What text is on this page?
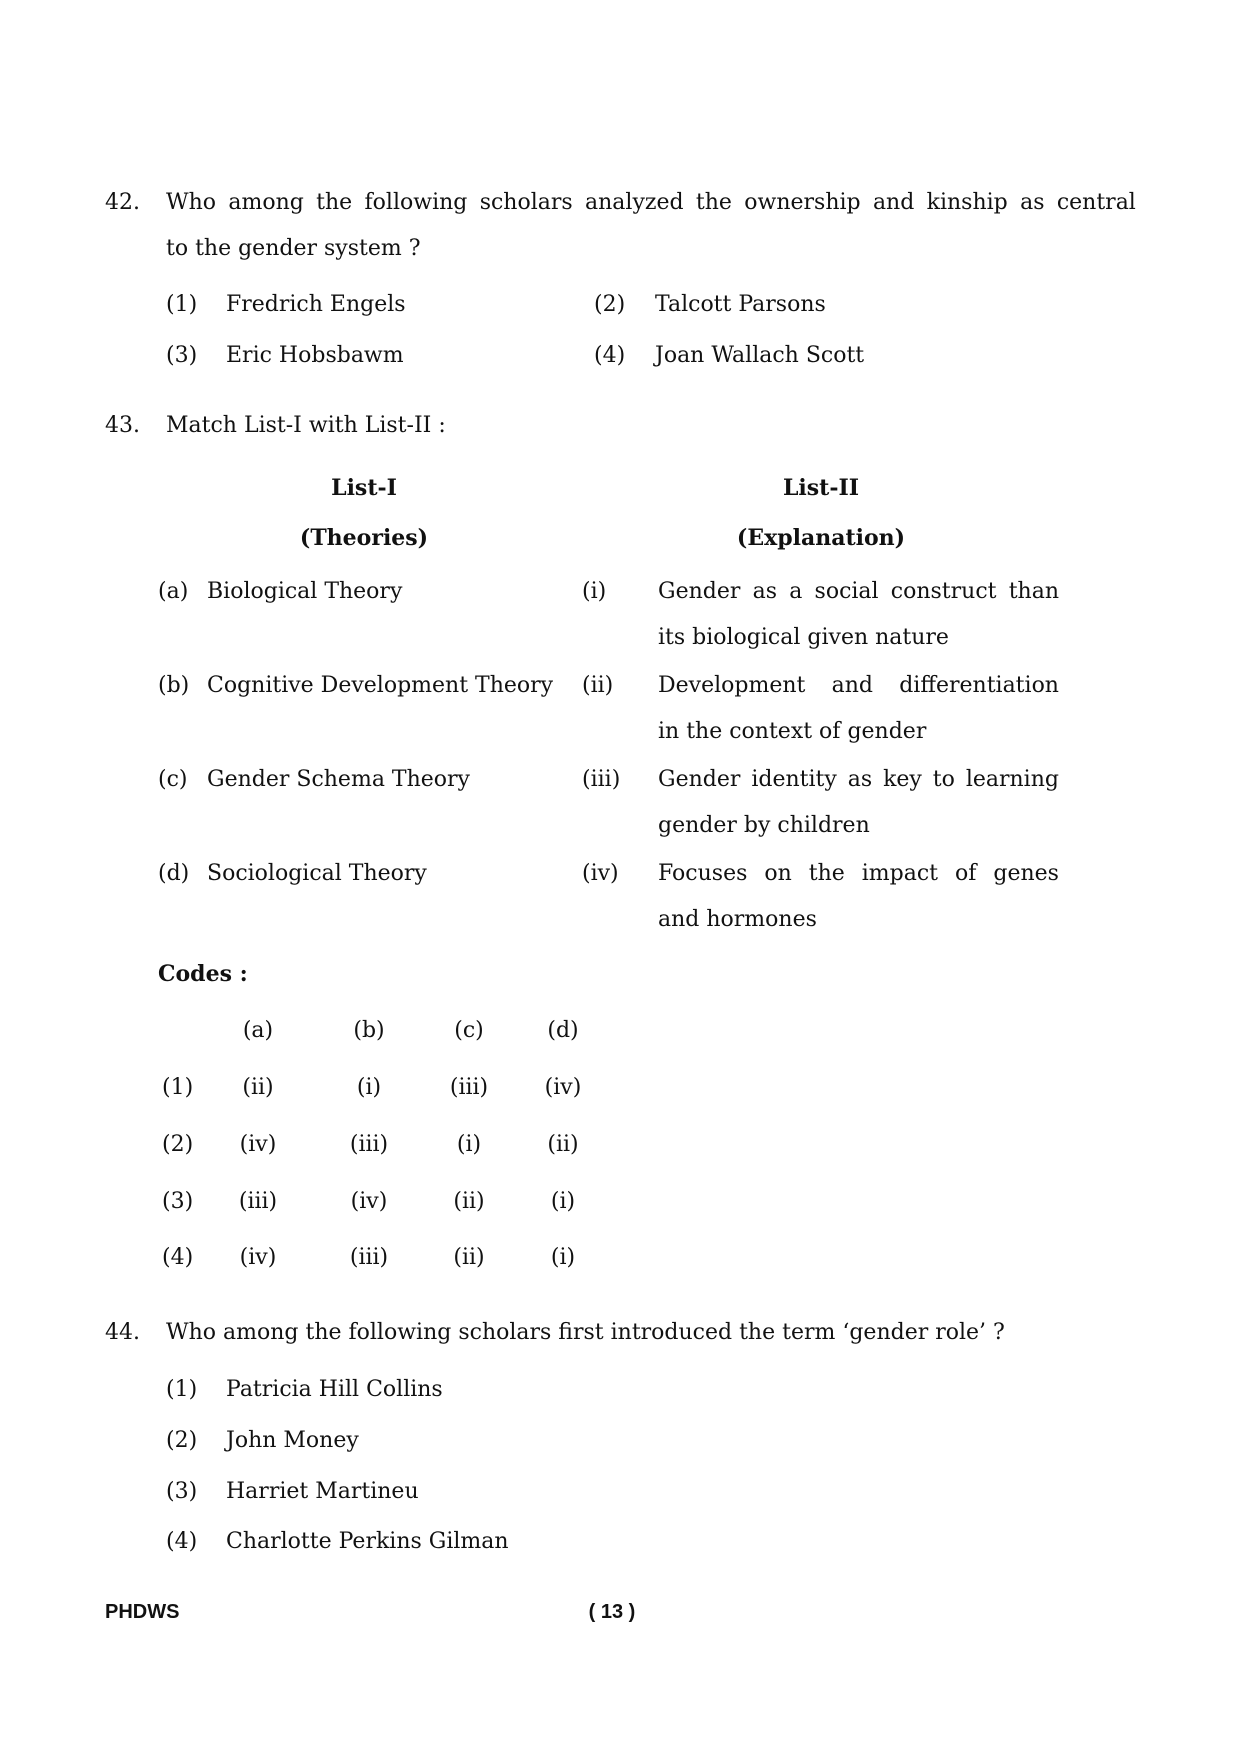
42. Who among the following scholars analyzed the ownership and kinship as central
to the gender system ?
(1) Fredrich Engels	(2) Talcott Parsons
(3) Eric Hobsbawm	(4) Joan Wallach Scott
43. Match List-I with List-II :
List-I
(Theories)
List-II
(Explanation)
(a) Biological Theory	(i) Gender as a social construct than
its biological given nature
(b) Cognitive Development Theory (ii) Development and differentiation
in the context of gender
(c) Gender Schema Theory	(iii) Gender identity as key to learning
gender by children
(d) Sociological Theory	(iv) Focuses on the impact of genes
and hormones
Codes :
(a)	(b)	(c)	(d)
(1) (ii)	(i)	(iii)	(iv)
(2) (iv)	(iii)	(i)	(ii)
(3) (iii)	(iv)	(ii)	(i)
(4) (iv)	(iii)	(ii)	(i)
44. Who among the following scholars first introduced the term ‘gender role’ ?
(1) Patricia Hill Collins
(2) John Money
(3) Harriet Martineu
(4) Charlotte Perkins Gilman
PHDWS	( 13 )
